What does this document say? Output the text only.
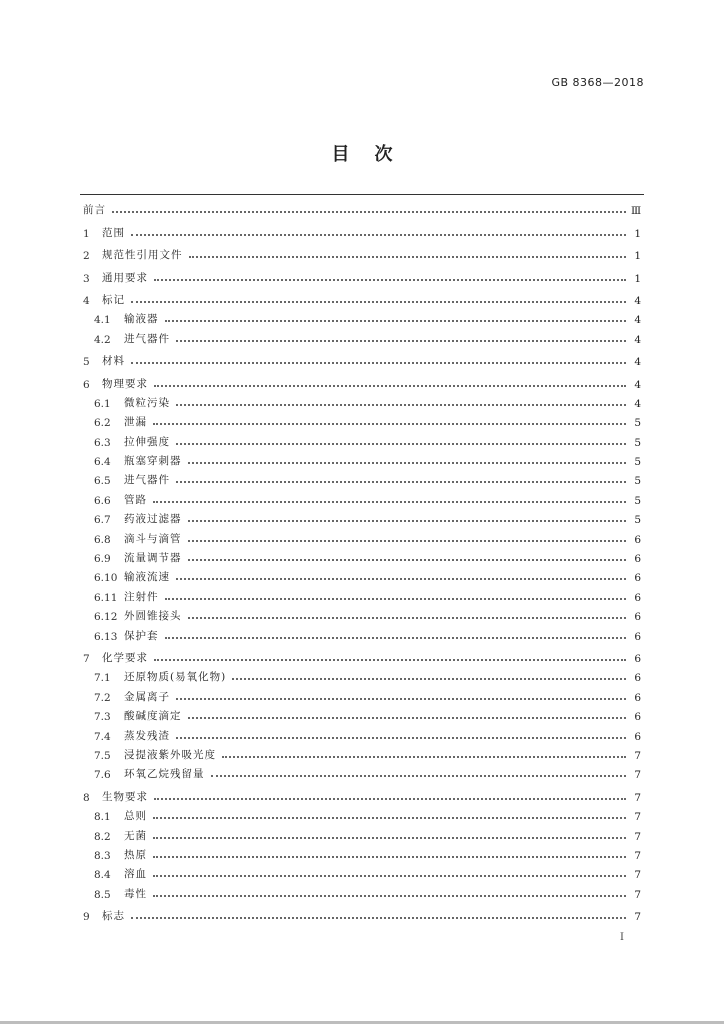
GB 8368—2018
目    次
前言	Ⅲ
1	范围	1
2	规范性引用文件	1
3	通用要求	1
4	标记	4
4.1	输液器	4
4.2	进气器件	4
5	材料	4
6	物理要求	4
6.1	微粒污染	4
6.2	泄漏	5
6.3	拉伸强度	5
6.4	瓶塞穿刺器	5
6.5	进气器件	5
6.6	管路	5
6.7	药液过滤器	5
6.8	滴斗与滴管	6
6.9	流量调节器	6
6.10 输液流速	6
6.11 注射件	6
6.12 外圆锥接头	6
6.13 保护套	6
7	化学要求	6
7.1	还原物质(易氧化物)	6
7.2	金属离子	6
7.3	酸碱度滴定	6
7.4	蒸发残渣	6
7.5	浸提液紫外吸光度	7
7.6	环氧乙烷残留量	7
8	生物要求	7
8.1	总则	7
8.2	无菌	7
8.3	热原	7
8.4	溶血	7
8.5	毒性	7
9	标志	7
I
